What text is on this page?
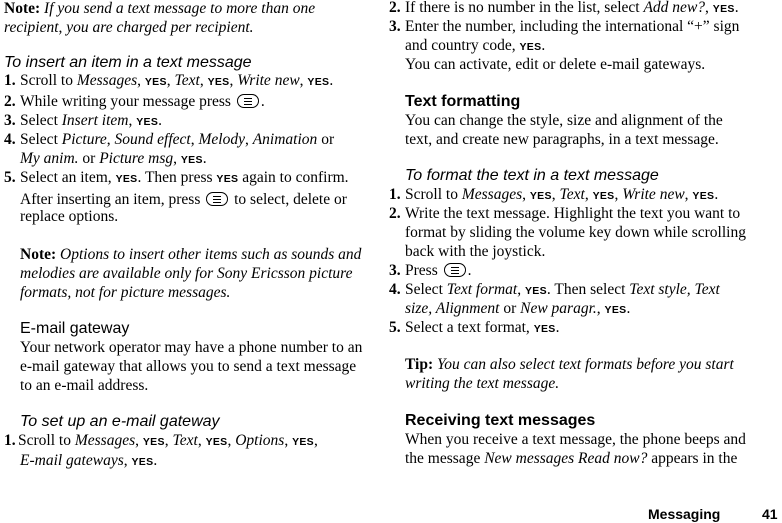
Note: If you send a text message to more than one
recipient, you are charged per recipient.
To insert an item in a text message
1. Scroll to Messages, YES, Text, YES, Write new, YES.
2. While writing your message press .
3. Select Insert item, YES.
4. Select Picture, Sound effect, Melody, Animation or
My anim. or Picture msg, YES.
5. Select an item, YES. Then press YES again to confirm.
After inserting an item, press  to select, delete or
replace options.
Note: Options to insert other items such as sounds and
melodies are available only for Sony Ericsson picture
formats, not for picture messages.
E-mail gateway
Your network operator may have a phone number to an
e-mail gateway that allows you to send a text message
to an e-mail address.
To set up an e-mail gateway
1. Scroll to Messages, YES, Text, YES, Options, YES,
E-mail gateways, YES.
2. If there is no number in the list, select Add new?, YES.
3. Enter the number, including the international “+” sign
and country code, YES.
You can activate, edit or delete e-mail gateways.
Text formatting
You can change the style, size and alignment of the
text, and create new paragraphs, in a text message.
To format the text in a text message
1. Scroll to Messages, YES, Text, YES, Write new, YES.
2. Write the text message. Highlight the text you want to
format by sliding the volume key down while scrolling
back with the joystick.
3. Press .
4. Select Text format, YES. Then select Text style, Text
size, Alignment or New paragr., YES.
5. Select a text format, YES.
Tip: You can also select text formats before you start
writing the text message.
Receiving text messages
When you receive a text message, the phone beeps and
the message New messages Read now? appears in the
Messaging	41
